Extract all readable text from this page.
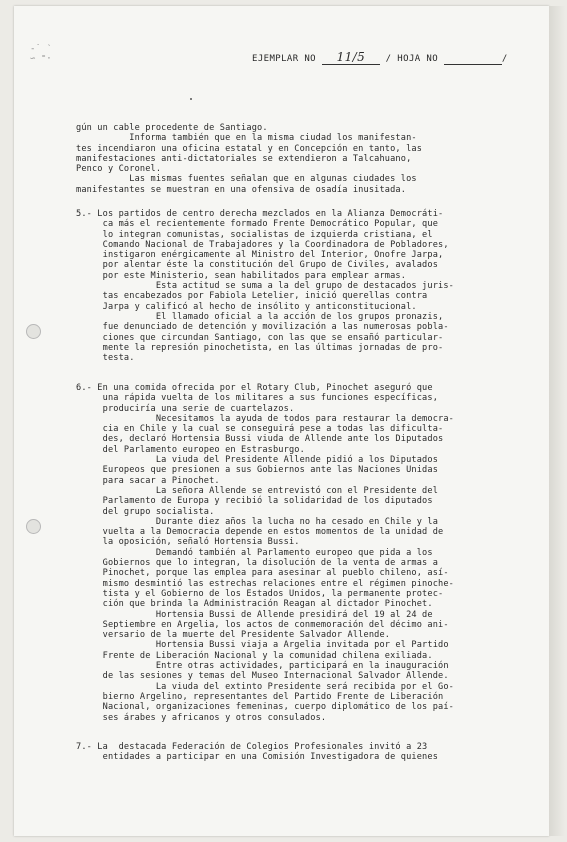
-˙ ‵
∽ ⁼·	EJEMPLAR NO 11/5 / HOJA NO	/
gún un cable procedente de Santiago.
Informa también que en la misma ciudad los manifestan-
tes incendiaron una oficina estatal y en Concepción en tanto, las
manifestaciones anti-dictatoriales se extendieron a Talcahuano,
Penco y Coronel.
Las mismas fuentes señalan que en algunas ciudades los
manifestantes se muestran en una ofensiva de osadía inusitada.
5.- Los partidos de centro derecha mezclados en la Alianza Democráti-
ca más el recientemente formado Frente Democrático Popular, que
lo integran comunistas, socialistas de izquierda cristiana, el
Comando Nacional de Trabajadores y la Coordinadora de Pobladores,
instigaron enérgicamente al Ministro del Interior, Onofre Jarpa,
por alentar éste la constitución del Grupo de Civiles, avalados
por este Ministerio, sean habilitados para emplear armas.
Esta actitud se suma a la del grupo de destacados juris-
tas encabezados por Fabiola Letelier, inició querellas contra
Jarpa y calificó al hecho de insólito y anticonstitucional.
El llamado oficial a la acción de los grupos pronazis,
fue denunciado de detención y movilización a las numerosas pobla-
ciones que circundan Santiago, con las que se ensañó particular-
mente la represión pinochetista, en las últimas jornadas de pro-
testa.
6.- En una comida ofrecida por el Rotary Club, Pinochet aseguró que
una rápida vuelta de los militares a sus funciones específicas,
produciría una serie de cuartelazos.
Necesitamos la ayuda de todos para restaurar la democra-
cia en Chile y la cual se conseguirá pese a todas las dificulta-
des, declaró Hortensia Bussi viuda de Allende ante los Diputados
del Parlamento europeo en Estrasburgo.
La viuda del Presidente Allende pidió a los Diputados
Europeos que presionen a sus Gobiernos ante las Naciones Unidas
para sacar a Pinochet.
La señora Allende se entrevistó con el Presidente del
Parlamento de Europa y recibió la solidaridad de los diputados
del grupo socialista.
Durante diez años la lucha no ha cesado en Chile y la
vuelta a la Democracia depende en estos momentos de la unidad de
la oposición, señaló Hortensia Bussi.
Demandó también al Parlamento europeo que pida a los
Gobiernos que lo integran, la disolución de la venta de armas a
Pinochet, porque las emplea para asesinar al pueblo chileno, así-
mismo desmintió las estrechas relaciones entre el régimen pinoche-
tista y el Gobierno de los Estados Unidos, la permanente protec-
ción que brinda la Administración Reagan al dictador Pinochet.
Hortensia Bussi de Allende presidirá del 19 al 24 de
Septiembre en Argelia, los actos de conmemoración del décimo ani-
versario de la muerte del Presidente Salvador Allende.
Hortensia Bussi viaja a Argelia invitada por el Partido
Frente de Liberación Nacional y la comunidad chilena exiliada.
Entre otras actividades, participará en la inauguración
de las sesiones y temas del Museo Internacional Salvador Allende.
La viuda del extinto Presidente será recibida por el Go-
bierno Argelino, representantes del Partido Frente de Liberación
Nacional, organizaciones femeninas, cuerpo diplomático de los paí-
ses árabes y africanos y otros consulados.
7.- La  destacada Federación de Colegios Profesionales invitó a 23
entidades a participar en una Comisión Investigadora de quienes
